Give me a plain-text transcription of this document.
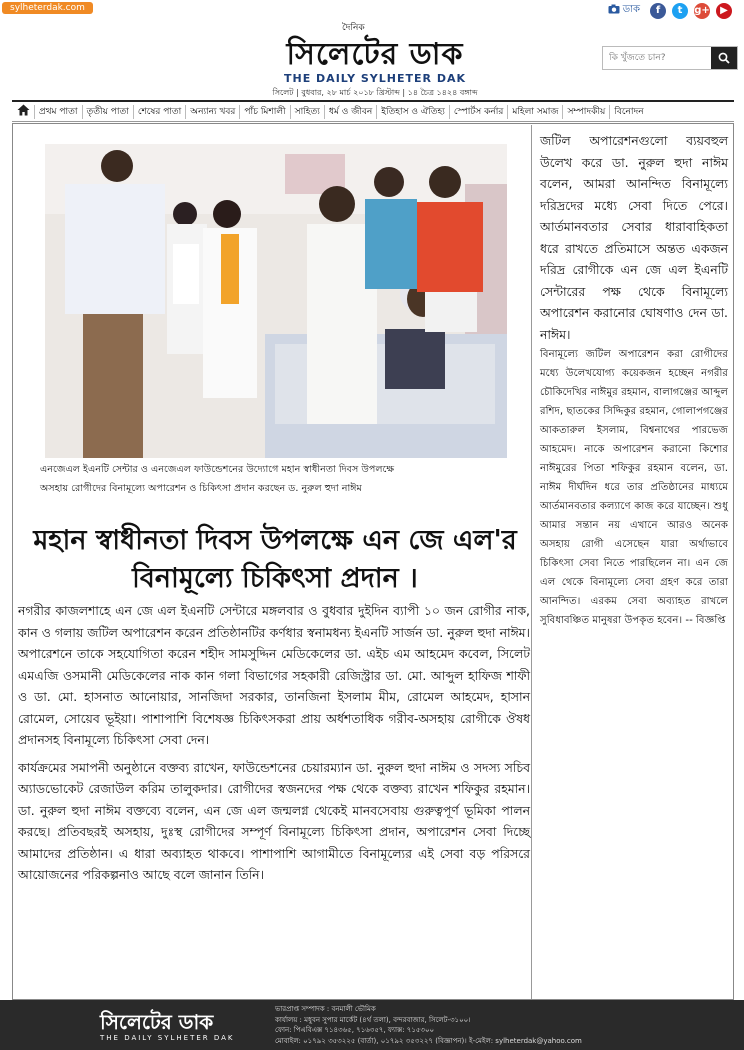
sylheterdak.com	ডাক	f	t	g+	▶
দৈনিক
সিলেটের ডাক
THE DAILY SYLHETER DAK
সিলেট | বুধবার, ২৮ মার্চ ২০১৮ খ্রিস্টাব্দ | ১৪ চৈত্র ১৪২৪ বঙ্গাব্দ
কি খুঁজতে চান?
প্রথম পাতা	তৃতীয় পাতা	শেষের পাতা	অন্যান্য খবর	পাঁচ মিশালী	সাহিত্য	ধর্ম ও জীবন	ইতিহাস ও ঐতিহ্য	স্পোর্টস কর্নার	মহিলা সমাজ	সম্পাদকীয়	বিনোদন
এনজেএল ইএনটি সেন্টার ও এনজেএল ফাউন্ডেশনের উদ্যোগে মহান স্বাধীনতা দিবস উপলক্ষে
অসহায় রোগীদের বিনামূল্যে অপারেশন ও চিকিৎসা প্রদান করছেন ড. নুরুল হুদা নাঈম
মহান স্বাধীনতা দিবস উপলক্ষে এন জে এল'র
বিনামূল্যে চিকিৎসা প্রদান ।

নগরীর কাজলশাহে এন জে এল ইএনটি সেন্টারে মঙ্গলবার ও বুধবার দুইদিন ব্যাপী ১০ জন রোগীর নাক, কান ও গলায় জটিল অপারেশন করেন প্রতিষ্ঠানটির কর্ণধার স্বনামধন্য ইএনটি সার্জন ডা. নুরুল হুদা নাঈম। অপারেশনে তাকে সহযোগিতা করেন শহীদ সামসুদ্দিন মেডিকেলের ডা. এইচ এম আহমেদ কবেল, সিলেট এমএজি ওসমানী মেডিকেলের নাক কান গলা বিভাগের সহকারী রেজিস্ট্রার ডা. মো. আব্দুল হাফিজ শাফী ও ডা. মো. হাসনাত আনোয়ার, সানজিদা সরকার, তানজিনা ইসলাম মীম, রোমেল আহমেদ, হাসান রোমেল, সোয়েব ভূইয়া। পাশাপাশি বিশেষজ্ঞ চিকিৎসকরা প্রায় অর্ধশতাধিক গরীব-অসহায় রোগীকে ঔষধ প্রদানসহ বিনামূল্যে চিকিৎসা সেবা দেন।

কার্যক্রমের সমাপনী অনুষ্ঠানে বক্তব্য রাখেন, ফাউন্ডেশনের চেয়ারম্যান ডা. নুরুল হুদা নাঈম ও সদস্য সচিব অ্যাডভোকেট রেজাউল করিম তালুকদার। রোগীদের স্বজনদের পক্ষ থেকে বক্তব্য রাখেন শফিকুর রহমান। ডা. নুরুল হুদা নাঈম বক্তব্যে বলেন, এন জে এল জন্মলগ্ন থেকেই মানবসেবায় গুরুত্বপূর্ণ ভূমিকা পালন করছে। প্রতিবছরই অসহায়, দুঃস্থ রোগীদের সম্পূর্ণ বিনামূল্যে চিকিৎসা প্রদান, অপারেশন সেবা দিচ্ছে আমাদের প্রতিষ্ঠান। এ ধারা অব্যাহত থাকবে। পাশাপাশি আগামীতে বিনামূল্যের এই সেবা বড় পরিসরে আয়োজনের পরিকল্পনাও আছে বলে জানান তিনি।

জটিল অপারেশনগুলো ব্যয়বহুল উলেখ করে ডা. নুরুল হুদা নাঈম বলেন, আমরা আনন্দিত বিনামূল্যে দরিদ্রদের মধ্যে সেবা দিতে পেরে। আর্তমানবতার সেবার ধারাবাহিকতা ধরে রাখতে প্রতিমাসে অন্তত একজন দরিদ্র রোগীকে এন জে এল ইএনটি সেন্টারের পক্ষ থেকে বিনামূল্যে অপারেশন করানোর ঘোষণাও দেন ডা. নাঈম।

বিনামূল্যে জটিল অপারেশন করা রোগীদের মধ্যে উলেখযোগ্য কয়েকজন হচ্ছেন নগরীর চৌকিদেখির নাঈমুর রহমান, বালাগঞ্জের আব্দুল রশিদ, ছাতকের সিদ্দিকুর রহমান, গোলাপগঞ্জের আকতারুল ইসলাম, বিশ্বনাথের পারভেজ আহমেদ। নাকে অপারেশন করানো কিশোর নাঈমুরের পিতা শফিকুর রহমান বলেন, ডা. নাঈম দীর্ঘদিন ধরে তার প্রতিষ্ঠানের মাধ্যমে আর্তমানবতার কল্যাণে কাজ করে যাচ্ছেন। শুধু আমার সন্তান নয় এখানে আরও অনেক অসহায় রোগী এসেছেন যারা অর্থাভাবে চিকিৎসা সেবা নিতে পারছিলেন না। এন জে এল থেকে বিনামূল্যে সেবা গ্রহণ করে তারা আনন্দিত। এরকম সেবা অব্যাহত রাখলে সুবিধাবঞ্চিত মানুষরা উপকৃত হবেন। -- বিজ্ঞপ্তি

সিলেটের ডাক
THE DAILY SYLHETER DAK
ভারপ্রাপ্ত সম্পাদক : বনমালী ভৌমিক
কার্যালয় : মধুবন সুপার মার্কেট (৪র্থ তলা), বন্দরবাজার, সিলেট-৩১০০।
ফোন: পিএবিএক্স ৭১৪৩৬৫, ৭১৬৩৫৭, ফ্যাক্স: ৭১৫৩০০
মোবাইল: ০১৭৯২ ৩৫৩২২৫ (বার্তা), ০১৭৯২ ৩৫৩২২৭ (বিজ্ঞাপন)। ই-মেইল: sylheterdak@yahoo.com
